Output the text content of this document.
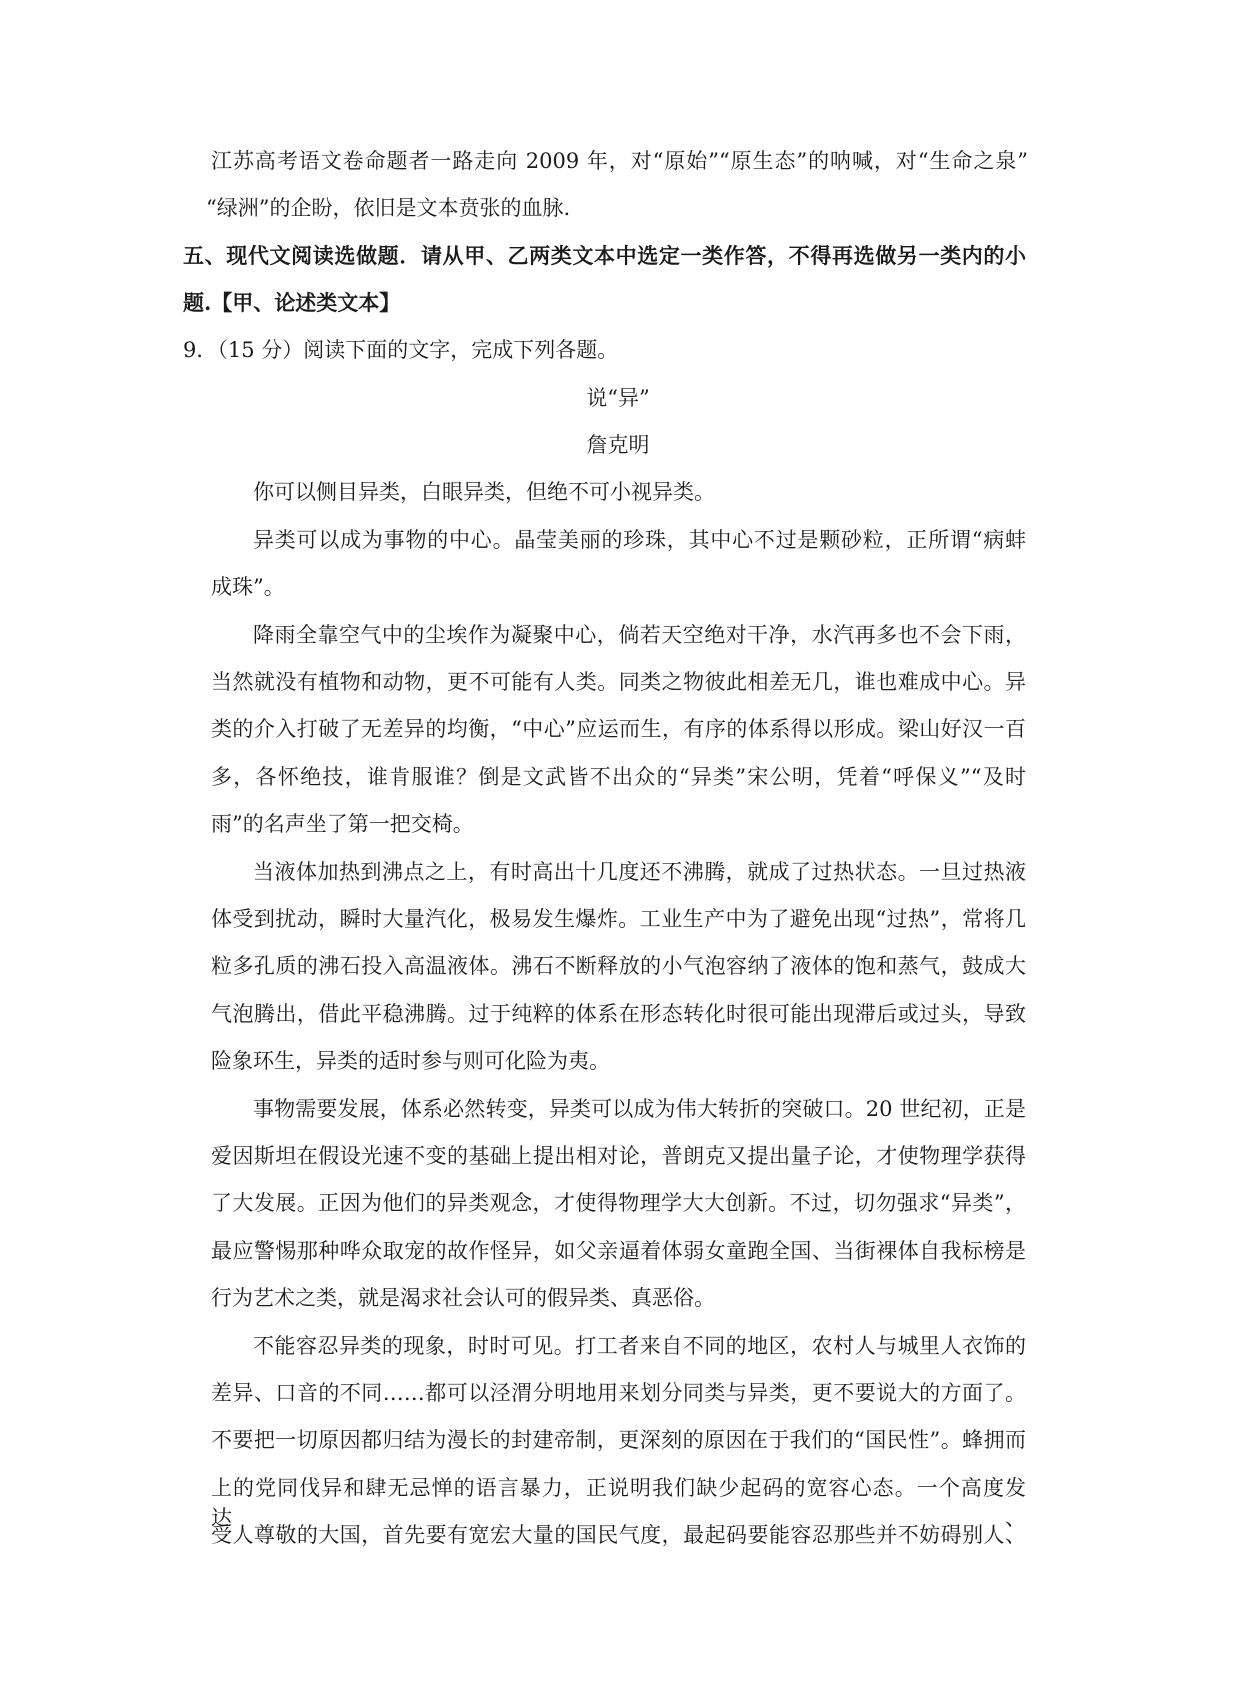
江苏高考语文卷命题者一路走向 2009 年，对“原始”“原生态”的呐喊，对“生命之泉”
“绿洲”的企盼，依旧是文本贲张的血脉.
五、现代文阅读选做题．请从甲、乙两类文本中选定一类作答，不得再选做另一类内的小
题.【甲、论述类文本】
9．（15 分）阅读下面的文字，完成下列各题。
说“异”
詹克明
你可以侧目异类，白眼异类，但绝不可小视异类。
异类可以成为事物的中心。晶莹美丽的珍珠，其中心不过是颗砂粒，正所谓“病蚌
成珠”。
降雨全靠空气中的尘埃作为凝聚中心，倘若天空绝对干净，水汽再多也不会下雨，
当然就没有植物和动物，更不可能有人类。同类之物彼此相差无几，谁也难成中心。异
类的介入打破了无差异的均衡，“中心”应运而生，有序的体系得以形成。梁山好汉一百
多，各怀绝技，谁肯服谁？倒是文武皆不出众的“异类”宋公明，凭着“呼保义”“及时
雨”的名声坐了第一把交椅。
当液体加热到沸点之上，有时高出十几度还不沸腾，就成了过热状态。一旦过热液
体受到扰动，瞬时大量汽化，极易发生爆炸。工业生产中为了避免出现“过热”，常将几
粒多孔质的沸石投入高温液体。沸石不断释放的小气泡容纳了液体的饱和蒸气，鼓成大
气泡腾出，借此平稳沸腾。过于纯粹的体系在形态转化时很可能出现滞后或过头，导致
险象环生，异类的适时参与则可化险为夷。
事物需要发展，体系必然转变，异类可以成为伟大转折的突破口。20 世纪初，正是
爱因斯坦在假设光速不变的基础上提出相对论，普朗克又提出量子论，才使物理学获得
了大发展。正因为他们的异类观念，才使得物理学大大创新。不过，切勿强求“异类”，
最应警惕那种哗众取宠的故作怪异，如父亲逼着体弱女童跑全国、当街裸体自我标榜是
行为艺术之类，就是渴求社会认可的假异类、真恶俗。
不能容忍异类的现象，时时可见。打工者来自不同的地区，农村人与城里人衣饰的
差异、口音的不同……都可以泾渭分明地用来划分同类与异类，更不要说大的方面了。
不要把一切原因都归结为漫长的封建帝制，更深刻的原因在于我们的“国民性”。蜂拥而
上的党同伐异和肆无忌惮的语言暴力，正说明我们缺少起码的宽容心态。一个高度发达、
受人尊敬的大国，首先要有宽宏大量的国民气度，最起码要能容忍那些并不妨碍别人、
